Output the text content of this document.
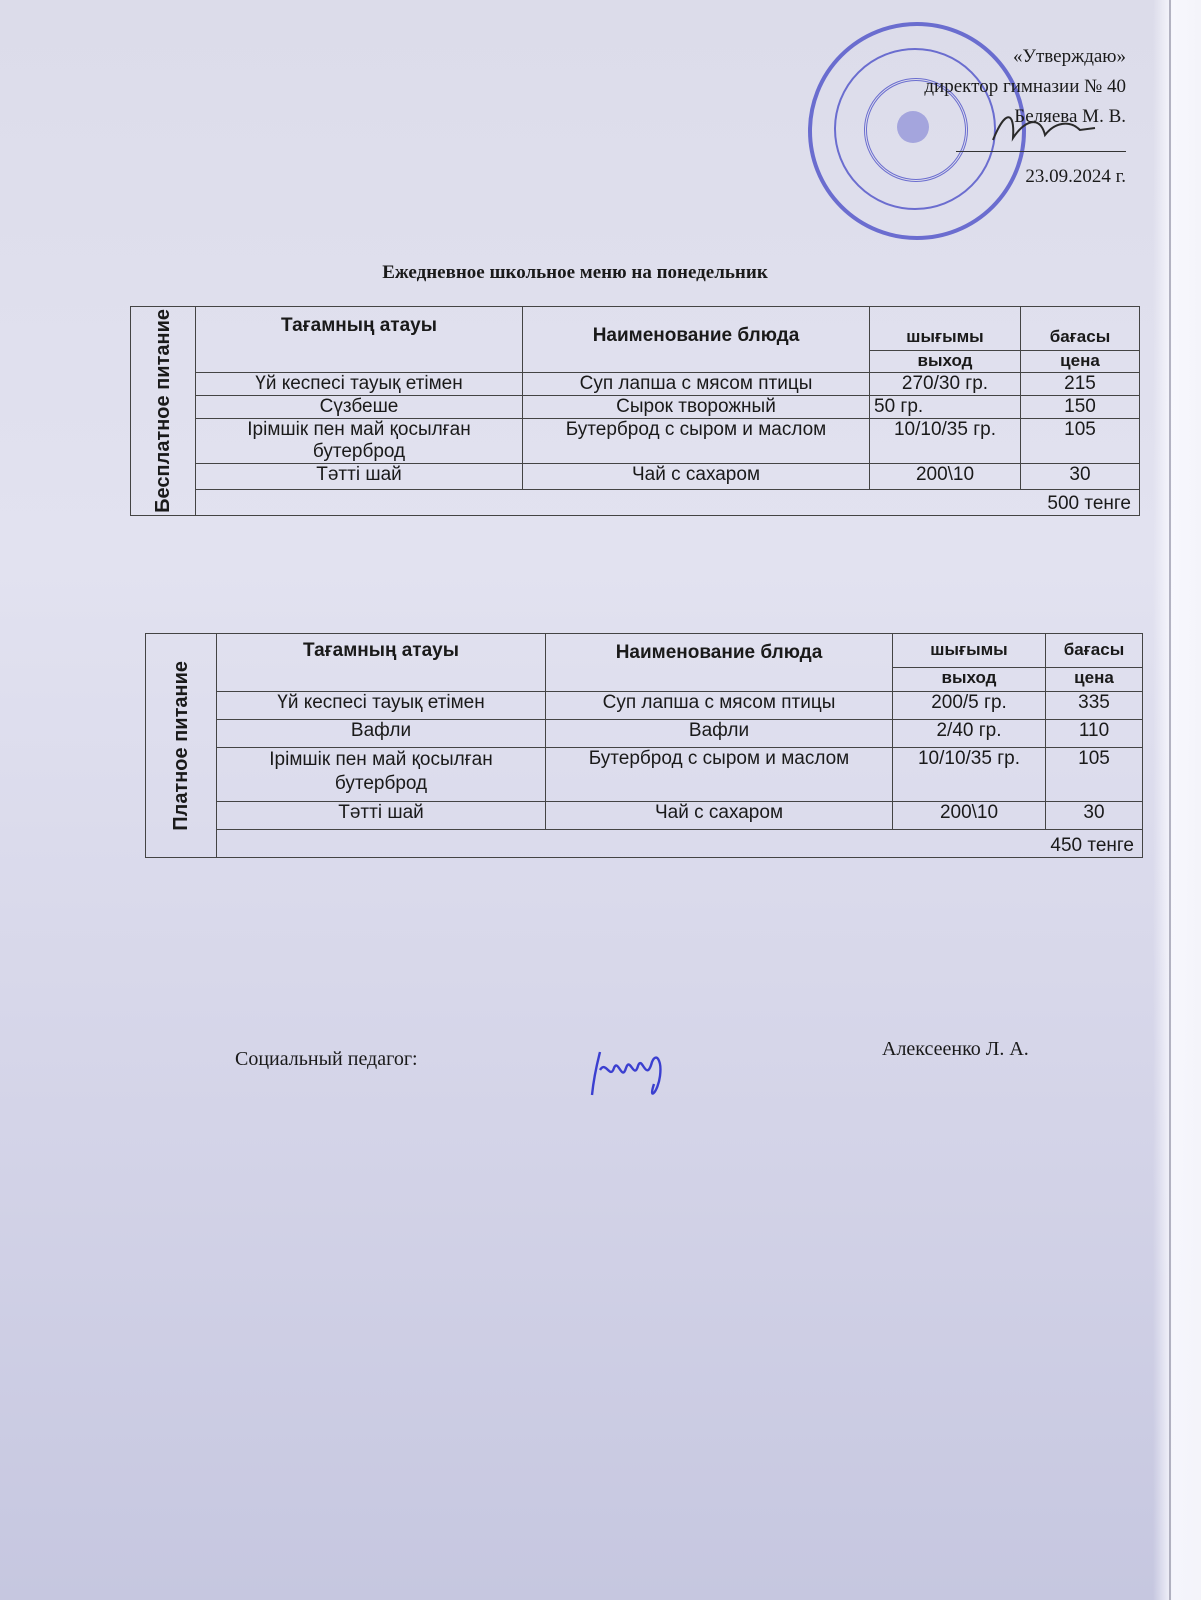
«Утверждаю»
директор гимназии № 40
Беляева М. В.
23.09.2024 г.
Ежедневное школьное меню на понедельник
Бесплатное питание	Тағамның атауы	Наименование блюда	шығымы	бағасы
			выход	цена
	Үй кеспесі тауық етімен	Суп лапша с мясом птицы	270/30 гр.	215
	Сүзбеше	Сырок творожный	50 гр.	150
	Ірімшік пен май қосылған бутерброд	Бутерброд с сыром и маслом	10/10/35 гр.	105
	Тәтті шай	Чай с сахаром	200\10	30
	500 тенге			
Платное питание	Тағамның атауы	Наименование блюда	шығымы	бағасы
			выход	цена
	Үй кеспесі тауық етімен	Суп лапша с мясом птицы	200/5 гр.	335
	Вафли	Вафли	2/40 гр.	110
	Ірімшік пен май қосылған бутерброд	Бутерброд с сыром и маслом	10/10/35 гр.	105
	Тәтті шай	Чай с сахаром	200\10	30
	450 тенге			
Социальный педагог:	Алексеенко Л. А.
